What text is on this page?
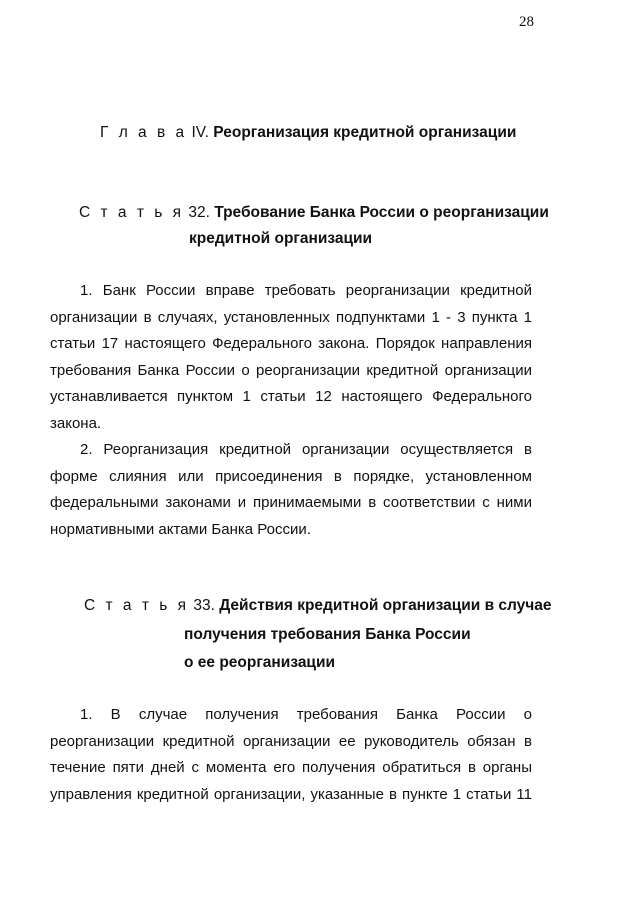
28
Г л а в а IV. Реорганизация кредитной организации
С т а т ь я 32. Требование Банка России о реорганизации
кредитной организации

1. Банк России вправе требовать реорганизации кредитной организации в случаях, установленных подпунктами 1 - 3 пункта 1 статьи 17 настоящего Федерального закона. Порядок направления требования Банка России о реорганизации кредитной организации устанавливается пунктом 1 статьи 12 настоящего Федерального закона.

2. Реорганизация кредитной организации осуществляется в форме слияния или присоединения в порядке, установленном федеральными законами и принимаемыми в соответствии с ними нормативными актами Банка России.

С т а т ь я 33. Действия кредитной организации в случае
получения требования Банка России
о ее реорганизации

1. В случае получения требования Банка России о реорганизации кредитной организации ее руководитель обязан в течение пяти дней с момента его получения обратиться в органы управления кредитной организации, указанные в пункте 1 статьи 11
